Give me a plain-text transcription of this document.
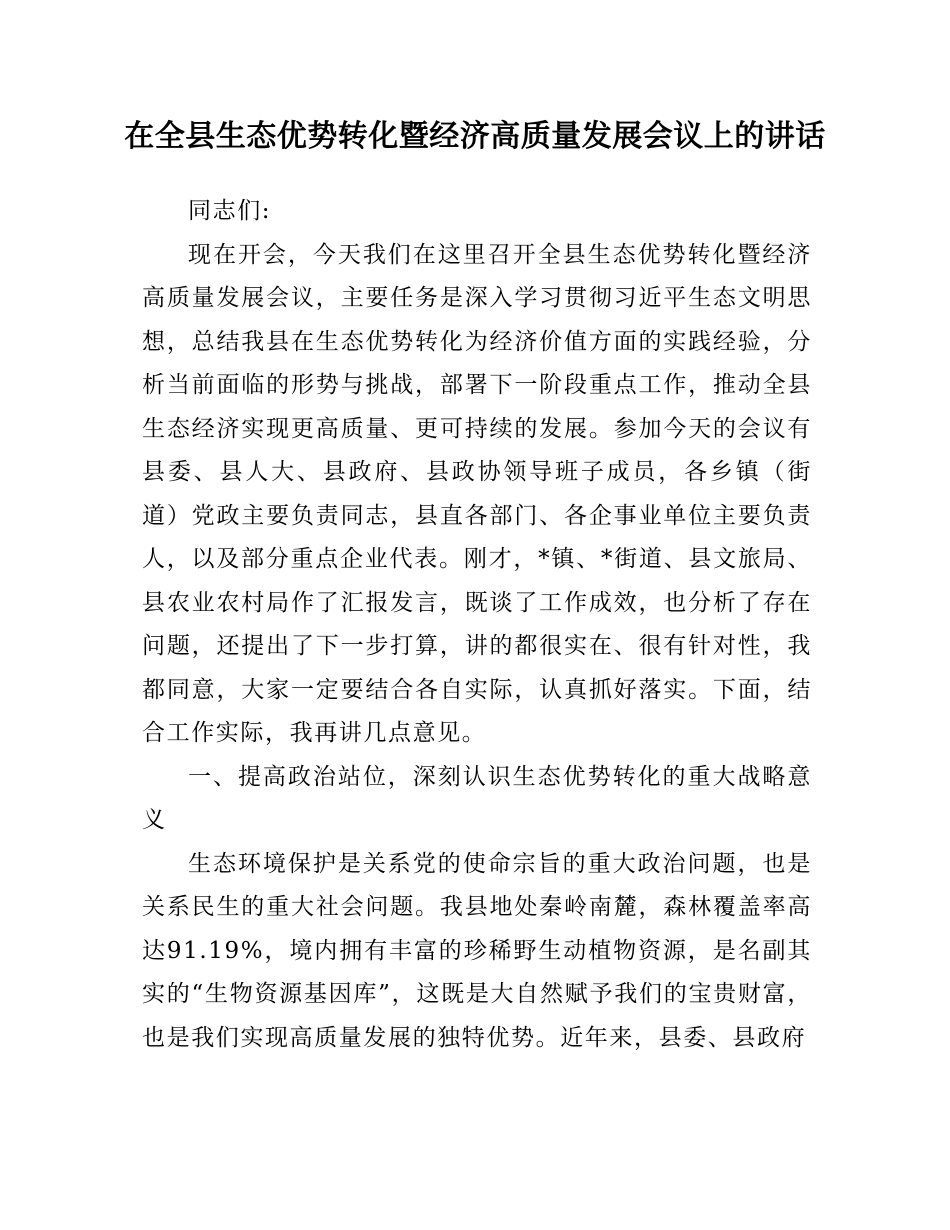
在全县生态优势转化暨经济高质量发展会议上的讲话

同志们:

现在开会，今天我们在这里召开全县生态优势转化暨经济高质量发展会议，主要任务是深入学习贯彻习近平生态文明思想，总结我县在生态优势转化为经济价值方面的实践经验，分析当前面临的形势与挑战，部署下一阶段重点工作，推动全县生态经济实现更高质量、更可持续的发展。参加今天的会议有县委、县人大、县政府、县政协领导班子成员，各乡镇（街道）党政主要负责同志，县直各部门、各企事业单位主要负责人，以及部分重点企业代表。刚才，*镇、*街道、县文旅局、县农业农村局作了汇报发言，既谈了工作成效，也分析了存在问题，还提出了下一步打算，讲的都很实在、很有针对性，我都同意，大家一定要结合各自实际，认真抓好落实。下面，结合工作实际，我再讲几点意见。

一、提高政治站位，深刻认识生态优势转化的重大战略意义

生态环境保护是关系党的使命宗旨的重大政治问题，也是关系民生的重大社会问题。我县地处秦岭南麓，森林覆盖率高达91.19%，境内拥有丰富的珍稀野生动植物资源，是名副其实的“生物资源基因库”，这既是大自然赋予我们的宝贵财富，也是我们实现高质量发展的独特优势。近年来，县委、县政府
